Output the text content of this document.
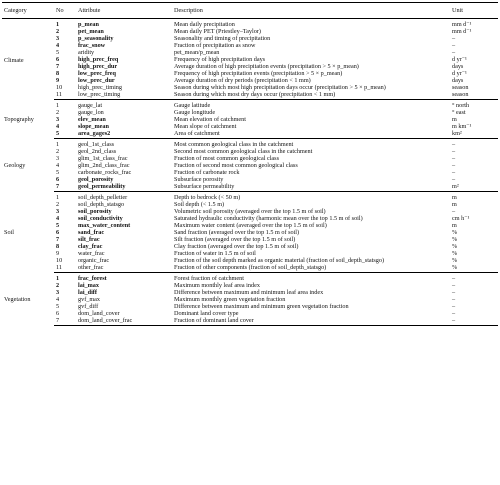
Category	No	Attribute	Description	Unit
Climate	1	p_mean	Mean daily precipitation	mm d⁻¹
	2	pet_mean	Mean daily PET (Priestley–Taylor)	mm d⁻¹
	3	p_seasonality	Seasonality and timing of precipitation	–
	4	frac_snow	Fraction of precipitation as snow	–
	5	aridity	pet_mean/p_mean	–
	6	high_prec_freq	Frequency of high precipitation days	d yr⁻¹
	7	high_prec_dur	Average duration of high precipitation events (precipitation > 5 × p_mean)	days
	8	low_prec_freq	Frequency of high precipitation events (precipitation > 5 × p_mean)	d yr⁻¹
	9	low_prec_dur	Average duration of dry periods (precipitation < 1 mm)	days
	10	high_prec_timing	Season during which most high precipitation days occur (precipitation > 5 × p_mean)	season
	11	low_prec_timing	Season during which most dry days occur (precipitation < 1 mm)	season
Topography	1	gauge_lat	Gauge latitude	° north
	2	gauge_lon	Gauge longitude	° east
	3	elev_mean	Mean elevation of catchment	m
	4	slope_mean	Mean slope of catchment	m km⁻¹
	5	area_gages2	Area of catchment	km²
Geology	1	geol_1st_class	Most common geological class in the catchment	–
	2	geol_2nd_class	Second most common geological class in the catchment	–
	3	glim_1st_class_frac	Fraction of most common geological class	–
	4	glim_2nd_class_frac	Fraction of second most common geological class	–
	5	carbonate_rocks_frac	Fraction of carbonate rock	–
	6	geol_porosity	Subsurface porosity	–
	7	geol_permeability	Subsurface permeability	m²
Soil	1	soil_depth_pelletier	Depth to bedrock (< 50 m)	m
	2	soil_depth_statsgo	Soil depth (< 1.5 m)	m
	3	soil_porosity	Volumetric soil porosity (averaged over the top 1.5 m of soil)	–
	4	soil_conductivity	Saturated hydraulic conductivity (harmonic mean over the top 1.5 m of soil)	cm h⁻¹
	5	max_water_content	Maximum water content (averaged over the top 1.5 m of soil)	m
	6	sand_frac	Sand fraction (averaged over the top 1.5 m of soil)	%
	7	silt_frac	Silt fraction (averaged over the top 1.5 m of soil)	%
	8	clay_frac	Clay fraction (averaged over the top 1.5 m of soil)	%
	9	water_frac	Fraction of water in 1.5 m of soil	%
	10	organic_frac	Fraction of the soil depth marked as organic material (fraction of soil_depth_statsgo)	%
	11	other_frac	Fraction of other components (fraction of soil_depth_statsgo)	%
Vegetation	1	frac_forest	Forest fraction of catchment	–
	2	lai_max	Maximum monthly leaf area index	–
	3	lai_diff	Difference between maximum and minimum leaf area index	–
	4	gvf_max	Maximum monthly green vegetation fraction	–
	5	gvf_diff	Difference between maximum and minimum green vegetation fraction	–
	6	dom_land_cover	Dominant land cover type	–
	7	dom_land_cover_frac	Fraction of dominant land cover	–
